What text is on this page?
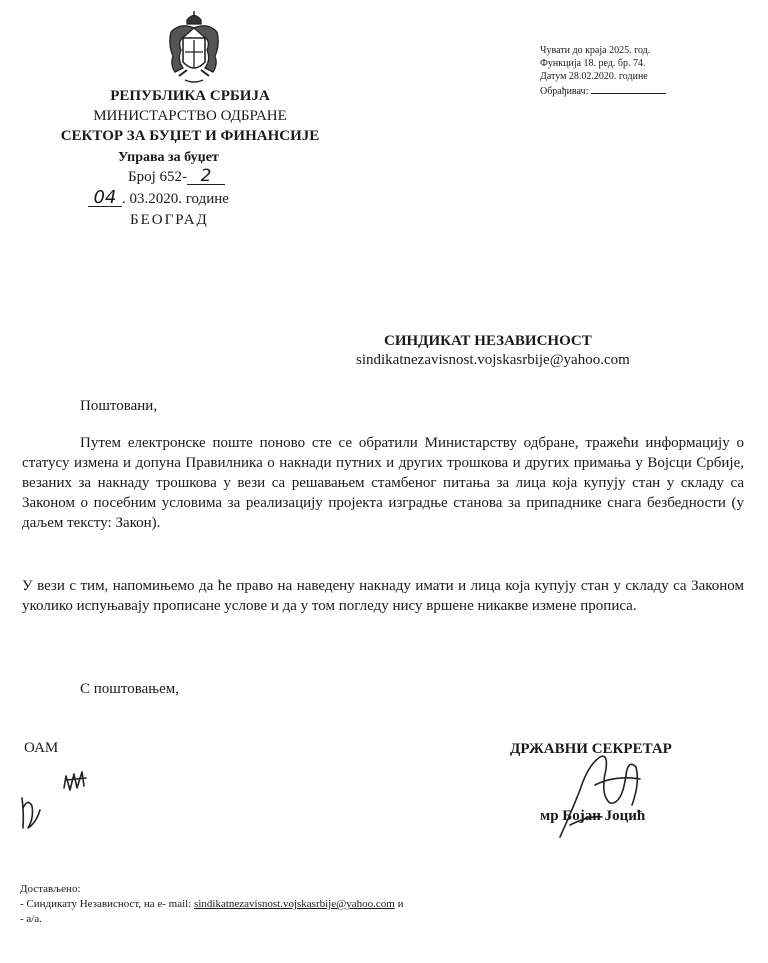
РЕПУБЛИКА СРБИЈА
МИНИСТАРСТВО ОДБРАНЕ
СЕКТОР ЗА БУЏЕТ И ФИНАНСИЈЕ
Управа за буџет
Број 652- 2
04 . 03.2020. године
БЕОГРАД
Чувати до краја 2025. год.
Функција 18. ред. бр. 74.
Датум 28.02.2020. године
Обрађивач:
СИНДИКАТ НЕЗАВИСНОСТ
sindikatnezavisnost.vojskasrbije@yahoo.com
Поштовани,
Путем електронске поште поново сте се обратили Министарству одбране, тражећи информацију о статусу измена и допуна Правилника о накнади путних и других трошкова и других примања у Војсци Србије, везаних за накнаду трошкова у вези са решавањем стамбеног питања за лица која купују стан у складу са Законом о посебним условима за реализацију пројекта изградње станова за припаднике снага безбедности (у даљем тексту: Закон).
У вези с тим, напомињемо да ће право на наведену накнаду имати и лица која купују стан у складу са Законом уколико испуњавају прописане услове и да у том погледу нису вршене никакве измене прописа.
С поштовањем,
ОАМ	ДРЖАВНИ СЕКРЕТАР
мр Бојан Јоцић
Достављено:
- Синдикату Независност, на е- mail: sindikatnezavisnost.vojskasrbije@yahoo.com и
- а/а.
